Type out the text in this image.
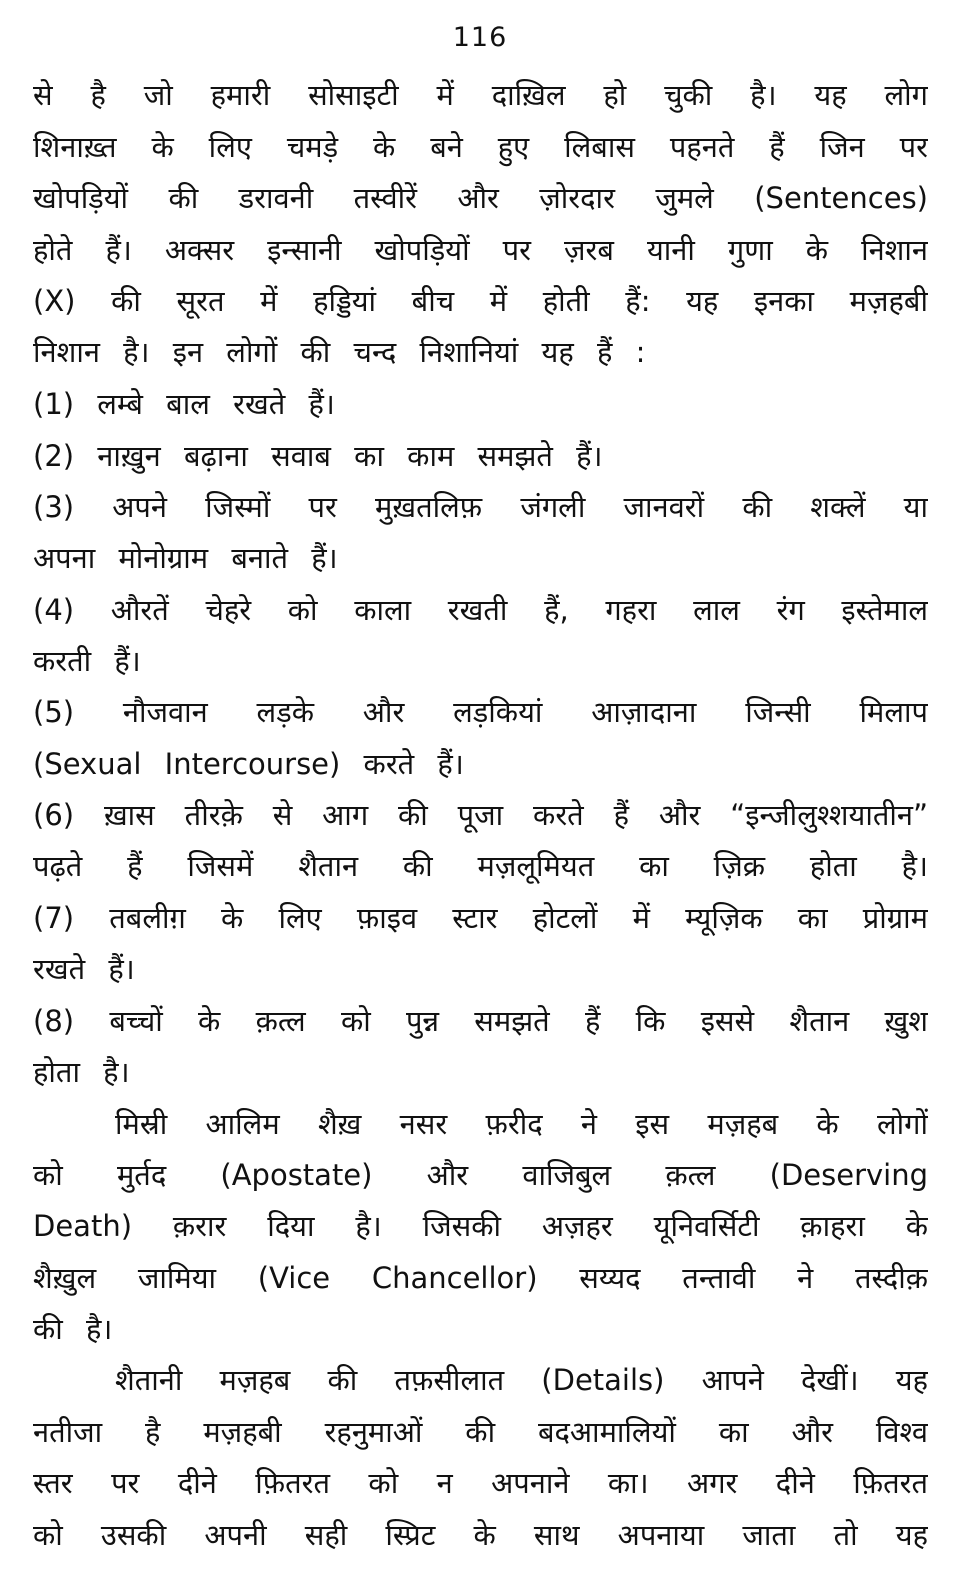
116
से है जो हमारी सोसाइटी में दाख़िल हो चुकी है। यह लोग
शिनाख़्त के लिए चमड़े के बने हुए लिबास पहनते हैं जिन पर
खोपड़ियों की डरावनी तस्वीरें और ज़ोरदार जुमले (Sentences)
होते हैं। अक्सर इन्सानी खोपड़ियों पर ज़रब यानी गुणा के निशान
(X) की सूरत में हड्डियां बीच में होती हैं: यह इनका मज़हबी
निशान है। इन लोगों की चन्द निशानियां यह हैं :
(1) लम्बे बाल रखते हैं।
(2) नाख़ुन बढ़ाना सवाब का काम समझते हैं।
(3) अपने जिस्मों पर मुख़तलिफ़ जंगली जानवरों की शक्लें या
अपना मोनोग्राम बनाते हैं।
(4) औरतें चेहरे को काला रखती हैं, गहरा लाल रंग इस्तेमाल
करती हैं।
(5) नौजवान लड़के और लड़कियां आज़ादाना जिन्सी मिलाप
(Sexual Intercourse) करते हैं।
(6) ख़ास तीरक़े से आग की पूजा करते हैं और “इन्जीलुश्शयातीन”
पढ़ते हैं जिसमें शैतान की मज़लूमियत का ज़िक्र होता है।
(7) तबलीग़ के लिए फ़ाइव स्टार होटलों में म्यूज़िक का प्रोग्राम
रखते हैं।
(8) बच्चों के क़त्ल को पुन्न समझते हैं कि इससे शैतान ख़ुश
होता है।
मिस्री आलिम शैख़ नसर फ़रीद ने इस मज़हब के लोगों
को मुर्तद (Apostate) और वाजिबुल क़त्ल (Deserving
Death) क़रार दिया है। जिसकी अज़हर यूनिवर्सिटी क़ाहरा के
शैख़ुल जामिया (Vice Chancellor) सय्यद तन्तावी ने तस्दीक़
की है।
शैतानी मज़हब की तफ़सीलात (Details) आपने देखीं। यह
नतीजा है मज़हबी रहनुमाओं की बदआमालियों का और विश्व
स्तर पर दीने फ़ितरत को न अपनाने का। अगर दीने फ़ितरत
को उसकी अपनी सही स्प्रिट के साथ अपनाया जाता तो यह
